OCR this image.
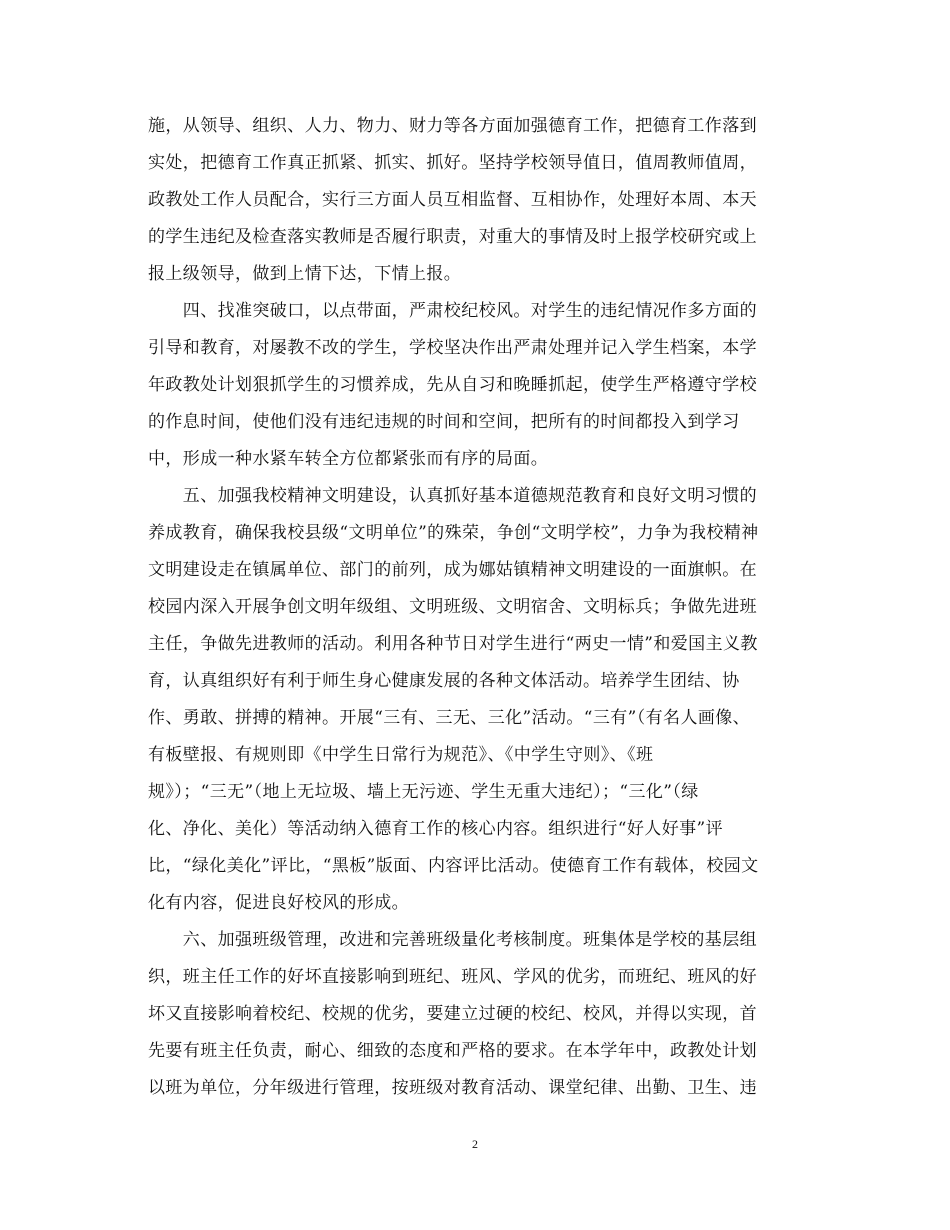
施，从领导、组织、人力、物力、财力等各方面加强德育工作，把德育工作落到
实处，把德育工作真正抓紧、抓实、抓好。坚持学校领导值日，值周教师值周，
政教处工作人员配合，实行三方面人员互相监督、互相协作，处理好本周、本天
的学生违纪及检查落实教师是否履行职责，对重大的事情及时上报学校研究或上
报上级领导，做到上情下达，下情上报。
　　四、找准突破口，以点带面，严肃校纪校风。对学生的违纪情况作多方面的
引导和教育，对屡教不改的学生，学校坚决作出严肃处理并记入学生档案，本学
年政教处计划狠抓学生的习惯养成，先从自习和晚睡抓起，使学生严格遵守学校
的作息时间，使他们没有违纪违规的时间和空间，把所有的时间都投入到学习
中，形成一种水紧车转全方位都紧张而有序的局面。
　　五、加强我校精神文明建设，认真抓好基本道德规范教育和良好文明习惯的
养成教育，确保我校县级“文明单位”的殊荣，争创“文明学校”，力争为我校精神
文明建设走在镇属单位、部门的前列，成为娜姑镇精神文明建设的一面旗帜。在
校园内深入开展争创文明年级组、文明班级、文明宿舍、文明标兵；争做先进班
主任，争做先进教师的活动。利用各种节日对学生进行“两史一情”和爱国主义教
育，认真组织好有利于师生身心健康发展的各种文体活动。培养学生团结、协
作、勇敢、拼搏的精神。开展“三有、三无、三化”活动。“三有”（有名人画像、
有板壁报、有规则即《中学生日常行为规范》、《中学生守则》、《班
规》）；“三无”（地上无垃圾、墙上无污迹、学生无重大违纪）；“三化”（绿
化、净化、美化）等活动纳入德育工作的核心内容。组织进行“好人好事”评
比，“绿化美化”评比，“黑板”版面、内容评比活动。使德育工作有载体，校园文
化有内容，促进良好校风的形成。
　　六、加强班级管理，改进和完善班级量化考核制度。班集体是学校的基层组
织，班主任工作的好坏直接影响到班纪、班风、学风的优劣，而班纪、班风的好
坏又直接影响着校纪、校规的优劣，要建立过硬的校纪、校风，并得以实现，首
先要有班主任负责，耐心、细致的态度和严格的要求。在本学年中，政教处计划
以班为单位，分年级进行管理，按班级对教育活动、课堂纪律、出勤、卫生、违
2
